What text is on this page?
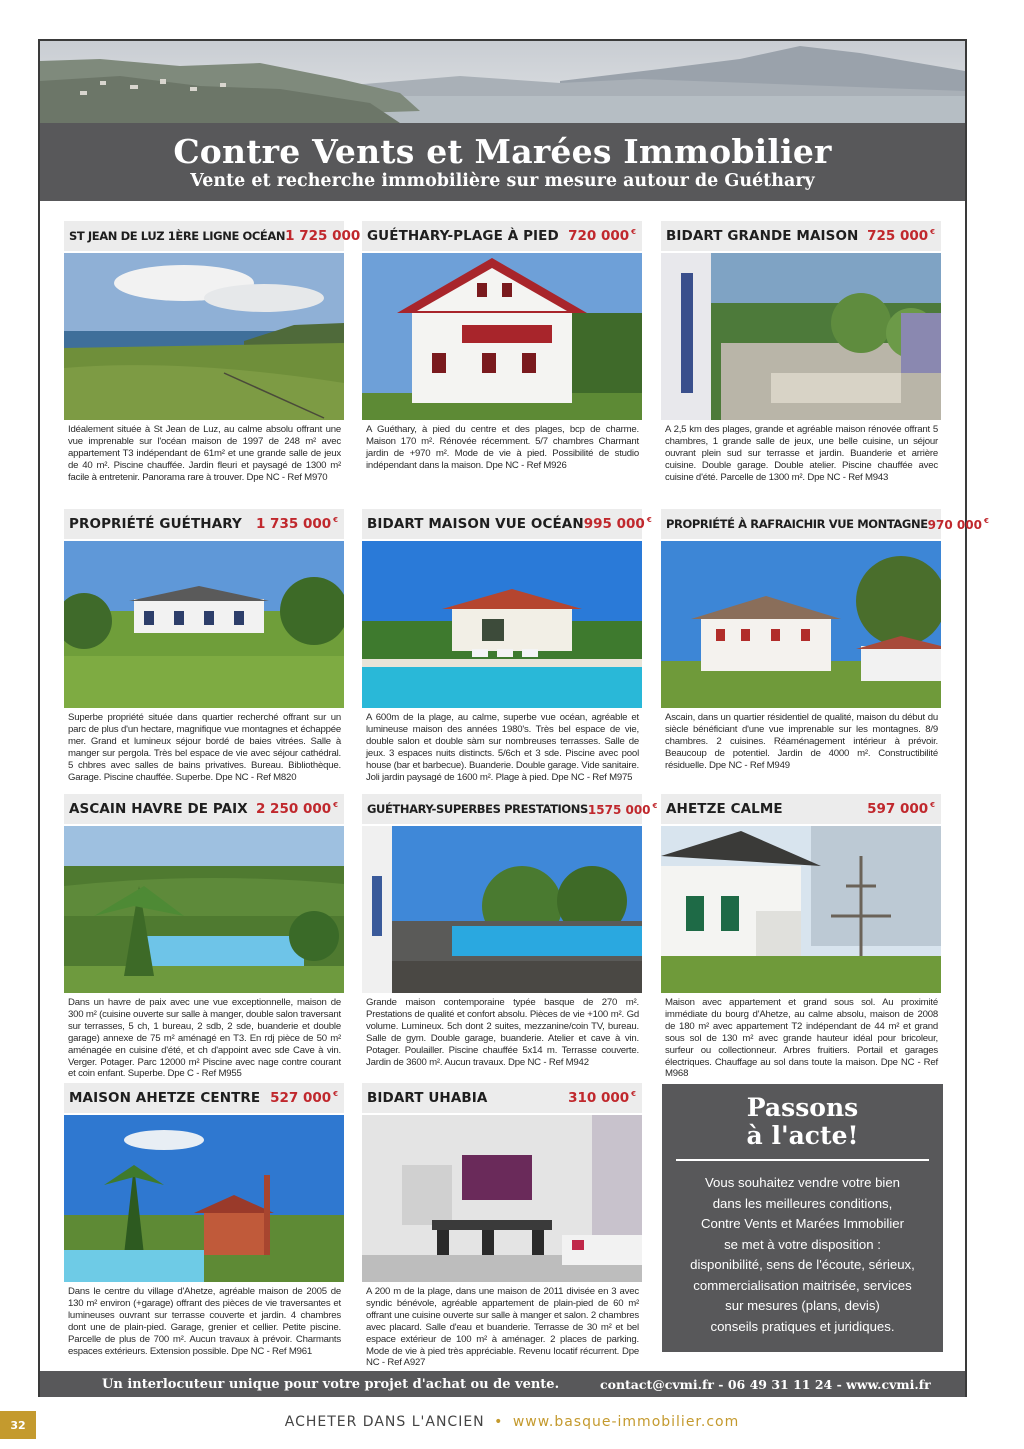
Contre Vents et Marées Immobilier
Vente et recherche immobilière sur mesure autour de Guéthary
ST JEAN DE LUZ 1ÈRE LIGNE OCÉAN 1 725 000
Idéalement située à St Jean de Luz, au calme absolu offrant une vue imprenable sur l'océan maison de 1997 de 248 m² avec appartement T3 indépendant de 61m² et une grande salle de jeux de 40 m². Piscine chauffée. Jardin fleuri et paysagé de 1300 m² facile à entretenir. Panorama rare à trouver. Dpe NC - Ref M970
GUÉTHARY-PLAGE À PIED 720 000 €
A Guéthary, à pied du centre et des plages, bcp de charme. Maison 170 m². Rénovée récemment. 5/7 chambres Charmant jardin de +970 m². Mode de vie à pied. Possibilité de studio indépendant dans la maison. Dpe NC - Ref M926
BIDART GRANDE MAISON 725 000 €
A 2,5 km des plages, grande et agréable maison rénovée offrant 5 chambres, 1 grande salle de jeux, une belle cuisine, un séjour ouvrant plein sud sur terrasse et jardin. Buanderie et arrière cuisine. Double garage. Double atelier. Piscine chauffée avec cuisine d'été. Parcelle de 1300 m². Dpe NC - Ref M943
PROPRIÉTÉ GUÉTHARY 1 735 000 €
Superbe propriété située dans quartier recherché offrant sur un parc de plus d'un hectare, magnifique vue montagnes et échappée mer. Grand et lumineux séjour bordé de baies vitrées. Salle à manger sur pergola. Très bel espace de vie avec séjour cathédral. 5 chbres avec salles de bains privatives. Bureau. Bibliothèque. Garage. Piscine chauffée. Superbe. Dpe NC - Ref M820
BIDART MAISON VUE OCÉAN 995 000 €
A 600m de la plage, au calme, superbe vue océan, agréable et lumineuse maison des années 1980's. Très bel espace de vie, double salon et double sàm sur nombreuses terrasses. Salle de jeux. 3 espaces nuits distincts. 5/6ch et 3 sde. Piscine avec pool house (bar et barbecue). Buanderie. Double garage. Vide sanitaire. Joli jardin paysagé de 1600 m². Plage à pied. Dpe NC - Ref M975
PROPRIÉTÉ À RAFRAICHIR VUE MONTAGNE 970 000 €
Ascain, dans un quartier résidentiel de qualité, maison du début du siècle bénéficiant d'une vue imprenable sur les montagnes. 8/9 chambres. 2 cuisines. Réaménagement intérieur à prévoir. Beaucoup de potentiel. Jardin de 4000 m². Constructibilité résiduelle. Dpe NC - Ref M949
ASCAIN HAVRE DE PAIX 2 250 000 €
Dans un havre de paix avec une vue exceptionnelle, maison de 300 m² (cuisine ouverte sur salle à manger, double salon traversant sur terrasses, 5 ch, 1 bureau, 2 sdb, 2 sde, buanderie et double garage) annexe de 75 m² aménagé en T3. En rdj pièce de 50 m² aménagée en cuisine d'été, et ch d'appoint avec sde Cave à vin. Verger. Potager. Parc 12000 m² Piscine avec nage contre courant et coin enfant. Superbe. Dpe C - Ref M955
GUÉTHARY-SUPERBES PRESTATIONS 1575 000 €
Grande maison contemporaine typée basque de 270 m². Prestations de qualité et confort absolu. Pièces de vie +100 m². Gd volume. Lumineux. 5ch dont 2 suites, mezzanine/coin TV, bureau. Salle de gym. Double garage, buanderie. Atelier et cave à vin. Potager. Poulailler. Piscine chauffée 5x14 m. Terrasse couverte. Jardin de 3600 m². Aucun travaux. Dpe NC - Ref M942
AHETZE CALME	597 000 €
Maison avec appartement et grand sous sol. Au proximité immédiate du bourg d'Ahetze, au calme absolu, maison de 2008 de 180 m² avec appartement T2 indépendant de 44 m² et grand sous sol de 130 m² avec grande hauteur idéal pour bricoleur, surfeur ou collectionneur. Arbres fruitiers. Portail et garages électriques. Chauffage au sol dans toute la maison. Dpe NC - Ref M968
MAISON AHETZE CENTRE 527 000 €
Dans le centre du village d'Ahetze, agréable maison de 2005 de 130 m² environ (+garage) offrant des pièces de vie traversantes et lumineuses ouvrant sur terrasse couverte et jardin. 4 chambres dont une de plain-pied. Garage, grenier et cellier. Petite piscine. Parcelle de plus de 700 m². Aucun travaux à prévoir. Charmants espaces extérieurs. Extension possible. Dpe NC - Ref M961
BIDART UHABIA	310 000 €
A 200 m de la plage, dans une maison de 2011 divisée en 3 avec syndic bénévole, agréable appartement de plain-pied de 60 m² offrant une cuisine ouverte sur salle à manger et salon. 2 chambres avec placard. Salle d'eau et buanderie. Terrasse de 30 m² et bel espace extérieur de 100 m² à aménager. 2 places de parking. Mode de vie à pied très appréciable. Revenu locatif récurrent. Dpe NC - Ref A927
Passons
à l'acte!
Vous souhaitez vendre votre bien
dans les meilleures conditions,
Contre Vents et Marées Immobilier
se met à votre disposition :
disponibilité, sens de l'écoute, sérieux,
commercialisation maitrisée, services
sur mesures (plans, devis)
conseils pratiques et juridiques.
Un interlocuteur unique pour votre projet d'achat ou de vente.	contact@cvmi.fr - 06 49 31 11 24 - www.cvmi.fr
32	ACHETER DANS L'ANCIEN • www.basque-immobilier.com
